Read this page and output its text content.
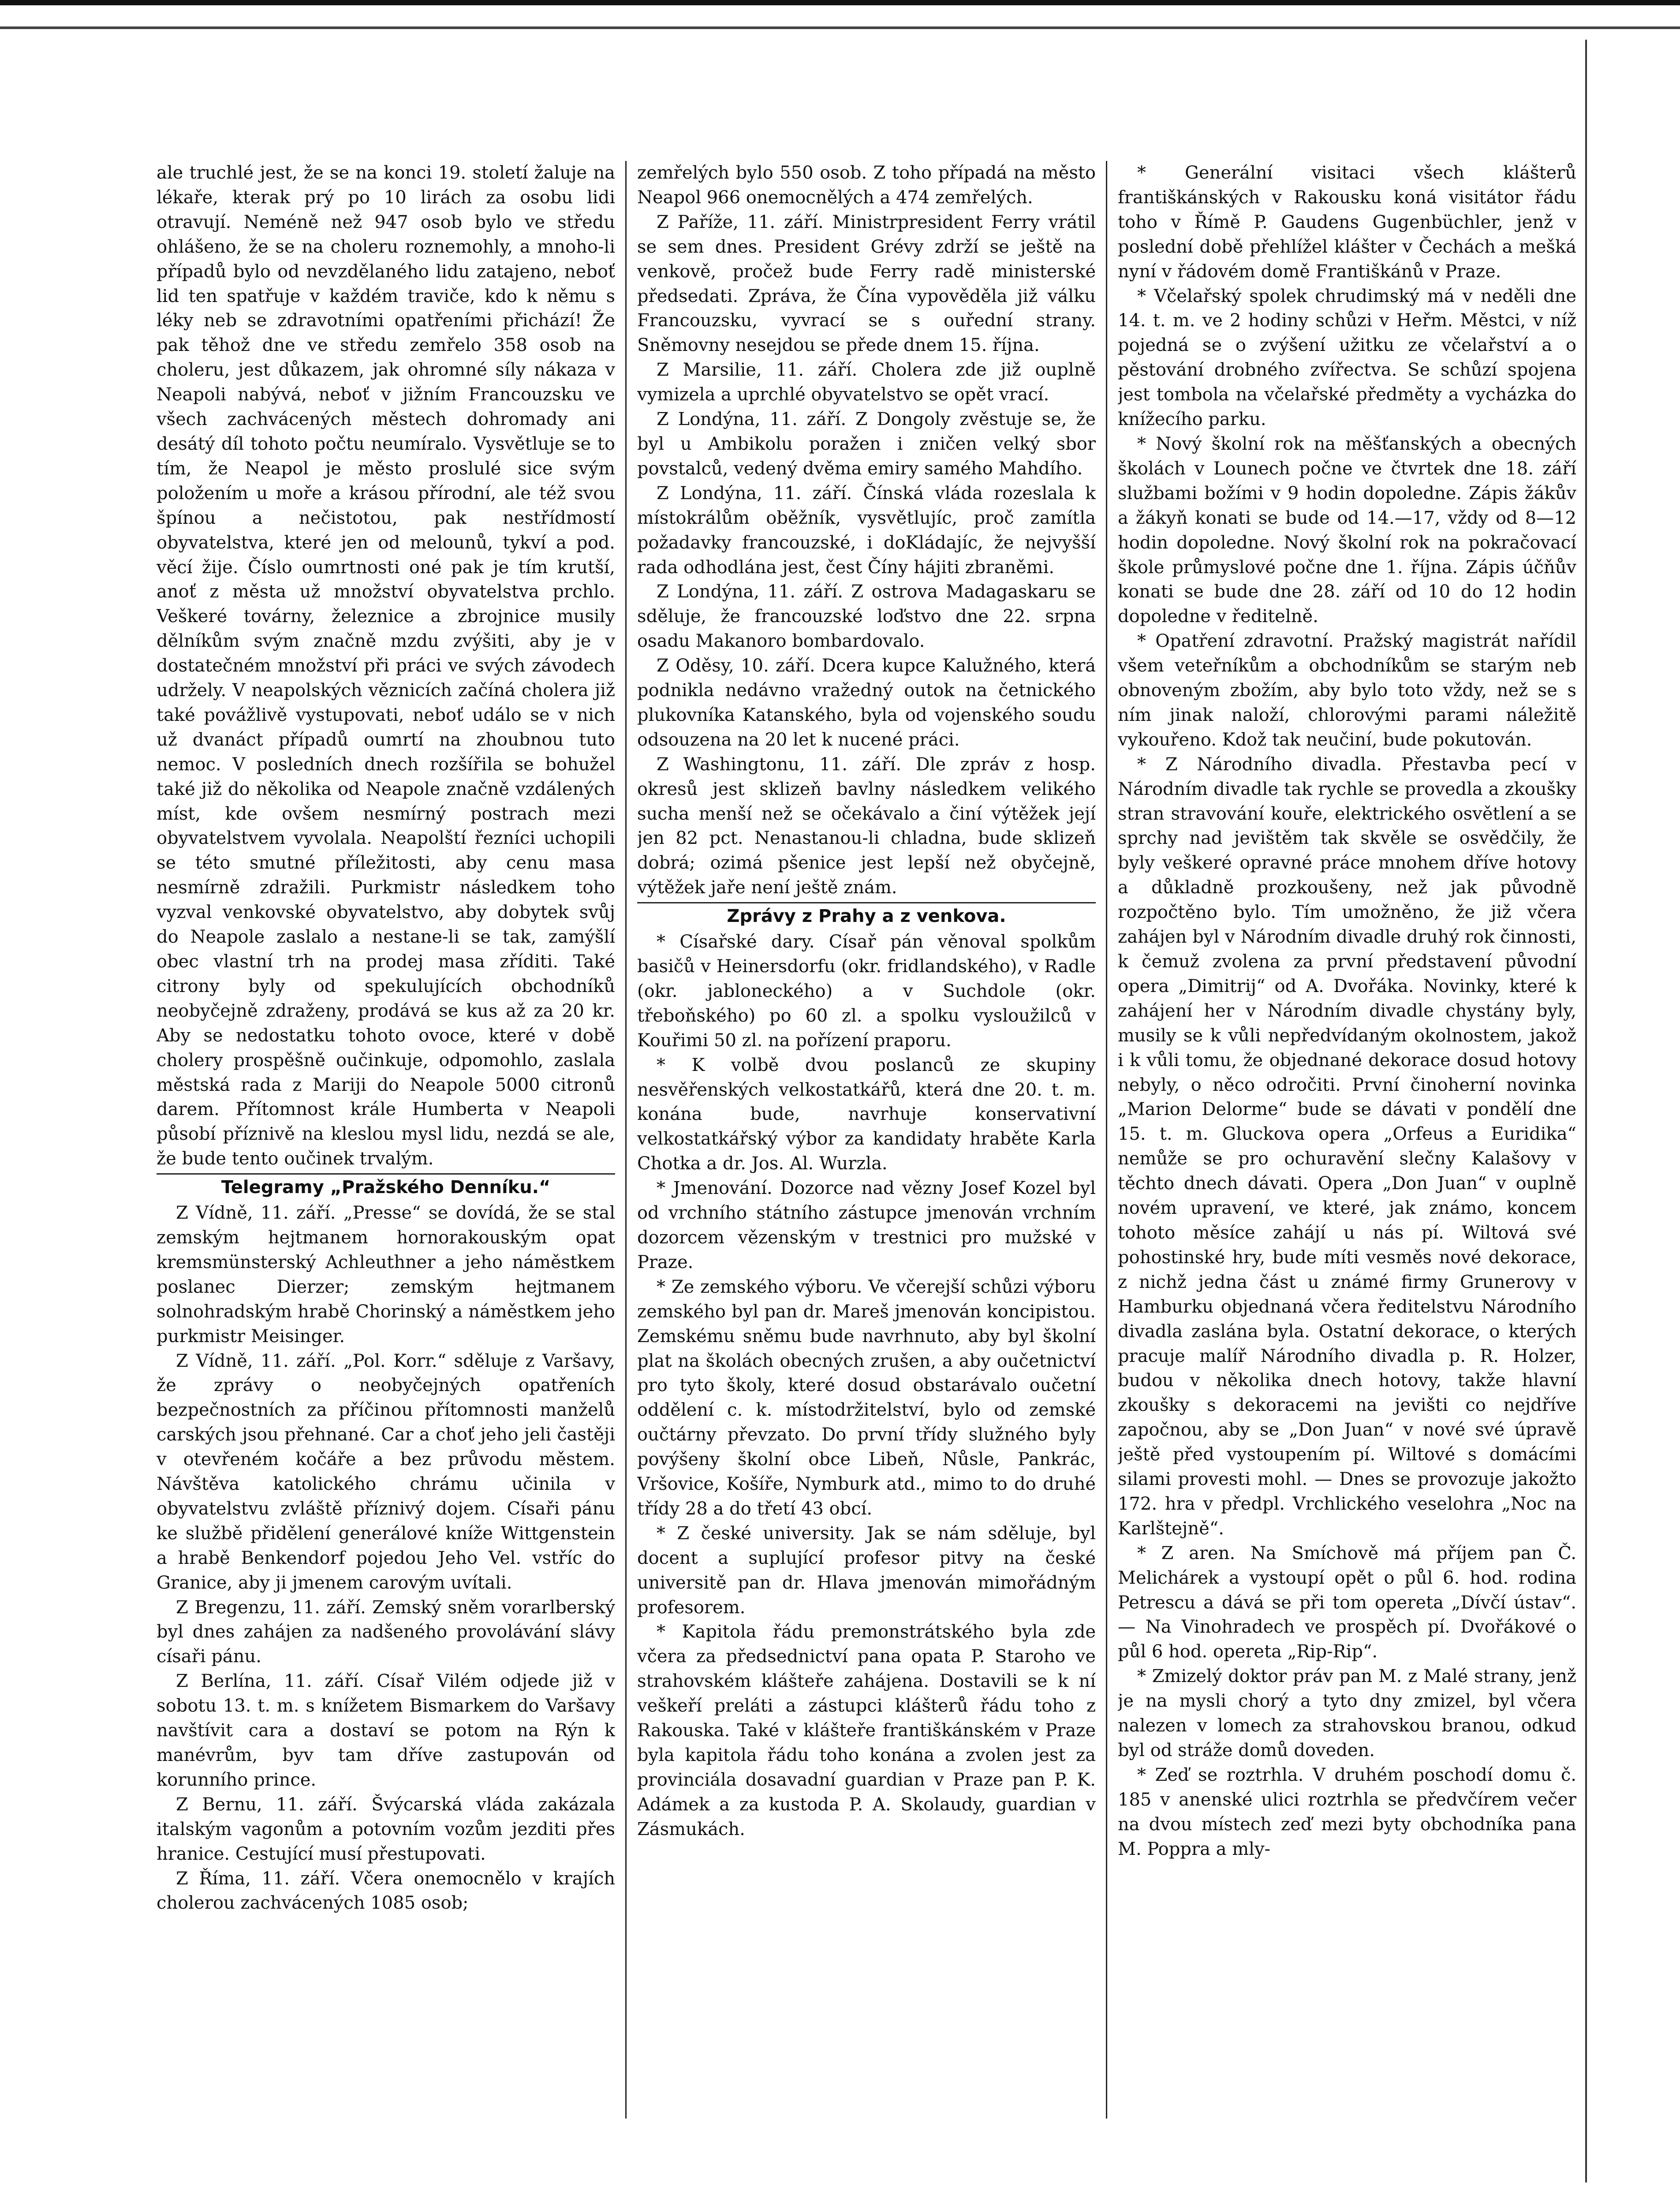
ale truchlé jest, že se na konci 19. století žaluje na lékaře, kterak prý po 10 lirách za osobu lidi otravují. Neméně než 947 osob bylo ve středu ohlášeno, že se na choleru roznemohly, a mnoho-li případů bylo od nevzdělaného lidu zatajeno, neboť lid ten spatřuje v každém traviče, kdo k němu s léky neb se zdravotními opatřeními přichází! Že pak těhož dne ve středu zemřelo 358 osob na choleru, jest důkazem, jak ohromné síly nákaza v Neapoli nabývá, neboť v jižním Francouzsku ve všech zachvácených městech dohromady ani desátý díl tohoto počtu neumíralo. Vysvětluje se to tím, že Neapol je město proslulé sice svým položením u moře a krásou přírodní, ale též svou špínou a nečistotou, pak nestřídmostí obyvatelstva, které jen od melounů, tykví a pod. věcí žije. Číslo oumrtnosti oné pak je tím krutší, anoť z města už množství obyvatelstva prchlo. Veškeré továrny, železnice a zbrojnice musily dělníkům svým značně mzdu zvýšiti, aby je v dostatečném množství při práci ve svých závodech udržely. V neapolských věznicích začíná cholera již také povážlivě vystupovati, neboť událo se v nich už dvanáct případů oumrtí na zhoubnou tuto nemoc. V posledních dnech rozšířila se bohužel také již do několika od Neapole značně vzdálených míst, kde ovšem nesmírný postrach mezi obyvatelstvem vyvolala. Neapolští řezníci uchopili se této smutné příležitosti, aby cenu masa nesmírně zdražili. Purkmistr následkem toho vyzval venkovské obyvatelstvo, aby dobytek svůj do Neapole zaslalo a nestane-li se tak, zamýšlí obec vlastní trh na prodej masa zříditi. Také citrony byly od spekulujících obchodníků neobyčejně zdraženy, prodává se kus až za 20 kr. Aby se nedostatku tohoto ovoce, které v době cholery prospěšně oučinkuje, odpomohlo, zaslala městská rada z Mariji do Neapole 5000 citronů darem. Přítomnost krále Humberta v Neapoli působí příznivě na kleslou mysl lidu, nezdá se ale, že bude tento oučinek trvalým.

Telegramy „Pražského Denníku.“

Z Vídně, 11. září. „Presse“ se dovídá, že se stal zemským hejtmanem hornorakouským opat kremsmünsterský Achleuthner a jeho náměstkem poslanec Dierzer; zemským hejtmanem solnohradským hrabě Chorinský a náměstkem jeho purkmistr Meisinger.

Z Vídně, 11. září. „Pol. Korr.“ sděluje z Varšavy, že zprávy o neobyčejných opatřeních bezpečnostních za příčinou přítomnosti manželů carských jsou přehnané. Car a choť jeho jeli častěji v otevřeném kočáře a bez průvodu městem. Návštěva katolického chrámu učinila v obyvatelstvu zvláště příznivý dojem. Císaři pánu ke službě přidělení generálové kníže Wittgenstein a hrabě Benkendorf pojedou Jeho Vel. vstříc do Granice, aby ji jmenem carovým uvítali.

Z Bregenzu, 11. září. Zemský sněm vorarlberský byl dnes zahájen za nadšeného provolávání slávy císaři pánu.

Z Berlína, 11. září. Císař Vilém odjede již v sobotu 13. t. m. s knížetem Bismarkem do Varšavy navštívit cara a dostaví se potom na Rýn k manévrům, byv tam dříve zastupován od korunního prince.

Z Bernu, 11. září. Švýcarská vláda zakázala italským vagonům a potovním vozům jezditi přes hranice. Cestující musí přestupovati.

Z Říma, 11. září. Včera onemocnělo v krajích cholerou zachvácených 1085 osob;

zemřelých bylo 550 osob. Z toho případá na město Neapol 966 onemocnělých a 474 zemřelých.

Z Paříže, 11. září. Ministrpresident Ferry vrátil se sem dnes. President Grévy zdrží se ještě na venkově, pročež bude Ferry radě ministerské předsedati. Zpráva, že Čína vypověděla již válku Francouzsku, vyvrací se s ouřední strany. Sněmovny nesejdou se přede dnem 15. října.

Z Marsilie, 11. září. Cholera zde již ouplně vymizela a uprchlé obyvatelstvo se opět vrací.

Z Londýna, 11. září. Z Dongoly zvěstuje se, že byl u Ambikolu poražen i zničen velký sbor povstalců, vedený dvěma emiry samého Mahdího.

Z Londýna, 11. září. Čínská vláda rozeslala k místokrálům oběžník, vysvětlujíc, proč zamítla požadavky francouzské, i doKládajíc, že nejvyšší rada odhodlána jest, čest Číny hájiti zbraněmi.

Z Londýna, 11. září. Z ostrova Madagaskaru se sděluje, že francouzské loďstvo dne 22. srpna osadu Makanoro bombardovalo.

Z Oděsy, 10. září. Dcera kupce Kalužného, která podnikla nedávno vražedný outok na četnického plukovníka Katanského, byla od vojenského soudu odsouzena na 20 let k nucené práci.

Z Washingtonu, 11. září. Dle zpráv z hosp. okresů jest sklizeň bavlny následkem velikého sucha menší než se očekávalo a činí výtěžek její jen 82 pct. Nenastanou-li chladna, bude sklizeň dobrá; ozimá pšenice jest lepší než obyčejně, výtěžek jaře není ještě znám.

Zprávy z Prahy a z venkova.

* Císařské dary. Císař pán věnoval spolkům basičů v Heinersdorfu (okr. fridlandského), v Radle (okr. jabloneckého) a v Suchdole (okr. třeboňského) po 60 zl. a spolku vysloužilců v Kouřimi 50 zl. na pořízení praporu.

* K volbě dvou poslanců ze skupiny nesvěřenských velkostatkářů, která dne 20. t. m. konána bude, navrhuje konservativní velkostatkářský výbor za kandidaty hraběte Karla Chotka a dr. Jos. Al. Wurzla.

* Jmenování. Dozorce nad vězny Josef Kozel byl od vrchního státního zástupce jmenován vrchním dozorcem vězenským v trestnici pro mužské v Praze.

* Ze zemského výboru. Ve včerejší schůzi výboru zemského byl pan dr. Mareš jmenován koncipistou. Zemskému sněmu bude navrhnuto, aby byl školní plat na školách obecných zrušen, a aby oučetnictví pro tyto školy, které dosud obstarávalo oučetní oddělení c. k. místodržitelství, bylo od zemské oučtárny převzato. Do první třídy služného byly povýšeny školní obce Libeň, Nůsle, Pankrác, Vršovice, Košíře, Nymburk atd., mimo to do druhé třídy 28 a do třetí 43 obcí.

* Z české university. Jak se nám sděluje, byl docent a suplující profesor pitvy na české universitě pan dr. Hlava jmenován mimořádným profesorem.

* Kapitola řádu premonstrátského byla zde včera za předsednictví pana opata P. Staroho ve strahovském klášteře zahájena. Dostavili se k ní veškeří preláti a zástupci klášterů řádu toho z Rakouska. Také v klášteře františkánském v Praze byla kapitola řádu toho konána a zvolen jest za provinciála dosavadní guardian v Praze pan P. K. Adámek a za kustoda P. A. Skolaudy, guardian v Zásmukách.

* Generální visitaci všech klášterů františkánských v Rakousku koná visitátor řádu toho v Římě P. Gaudens Gugenbüchler, jenž v poslední době přehlížel klášter v Čechách a mešká nyní v řádovém domě Františkánů v Praze.

* Včelařský spolek chrudimský má v neděli dne 14. t. m. ve 2 hodiny schůzi v Heřm. Městci, v níž pojedná se o zvýšení užitku ze včelařství a o pěstování drobného zvířectva. Se schůzí spojena jest tombola na včelařské předměty a vycházka do knížecího parku.

* Nový školní rok na měšťanských a obecných školách v Lounech počne ve čtvrtek dne 18. září službami božími v 9 hodin dopoledne. Zápis žákův a žákyň konati se bude od 14.—17, vždy od 8—12 hodin dopoledne. Nový školní rok na pokračovací škole průmyslové počne dne 1. října. Zápis účňův konati se bude dne 28. září od 10 do 12 hodin dopoledne v ředitelně.

* Opatření zdravotní. Pražský magistrát nařídil všem veteřníkům a obchodníkům se starým neb obnoveným zbožím, aby bylo toto vždy, než se s ním jinak naloží, chlorovými parami náležitě vykouřeno. Kdož tak neučiní, bude pokutován.

* Z Národního divadla. Přestavba pecí v Národním divadle tak rychle se provedla a zkoušky stran stravování kouře, elektrického osvětlení a se sprchy nad jevištěm tak skvěle se osvědčily, že byly veškeré opravné práce mnohem dříve hotovy a důkladně prozkoušeny, než jak původně rozpočtěno bylo. Tím umožněno, že již včera zahájen byl v Národním divadle druhý rok činnosti, k čemuž zvolena za první představení původní opera „Dimitrij“ od A. Dvořáka. Novinky, které k zahájení her v Národním divadle chystány byly, musily se k vůli nepředvídaným okolnostem, jakož i k vůli tomu, že objednané dekorace dosud hotovy nebyly, o něco odročiti. První činoherní novinka „Marion Delorme“ bude se dávati v pondělí dne 15. t. m. Gluckova opera „Orfeus a Euridika“ nemůže se pro ochuravění slečny Kalašovy v těchto dnech dávati. Opera „Don Juan“ v ouplně novém upravení, ve které, jak známo, koncem tohoto měsíce zahájí u nás pí. Wiltová své pohostinské hry, bude míti vesměs nové dekorace, z nichž jedna část u známé firmy Grunerovy v Hamburku objednaná včera ředitelstvu Národního divadla zaslána byla. Ostatní dekorace, o kterých pracuje malíř Národního divadla p. R. Holzer, budou v několika dnech hotovy, takže hlavní zkoušky s dekoracemi na jevišti co nejdříve započnou, aby se „Don Juan“ v nové své úpravě ještě před vystoupením pí. Wiltové s domácími silami provesti mohl. — Dnes se provozuje jakožto 172. hra v předpl. Vrchlického veselohra „Noc na Karlštejně“.

* Z aren. Na Smíchově má příjem pan Č. Melichárek a vystoupí opět o půl 6. hod. rodina Petrescu a dává se při tom opereta „Dívčí ústav“. — Na Vinohradech ve prospěch pí. Dvořákové o půl 6 hod. opereta „Rip-Rip“.

* Zmizelý doktor práv pan M. z Malé strany, jenž je na mysli chorý a tyto dny zmizel, byl včera nalezen v lomech za strahovskou branou, odkud byl od stráže domů doveden.

* Zeď se roztrhla. V druhém poschodí domu č. 185 v anenské ulici roztrhla se předvčírem večer na dvou místech zeď mezi byty obchodníka pana M. Poppra a mly-
